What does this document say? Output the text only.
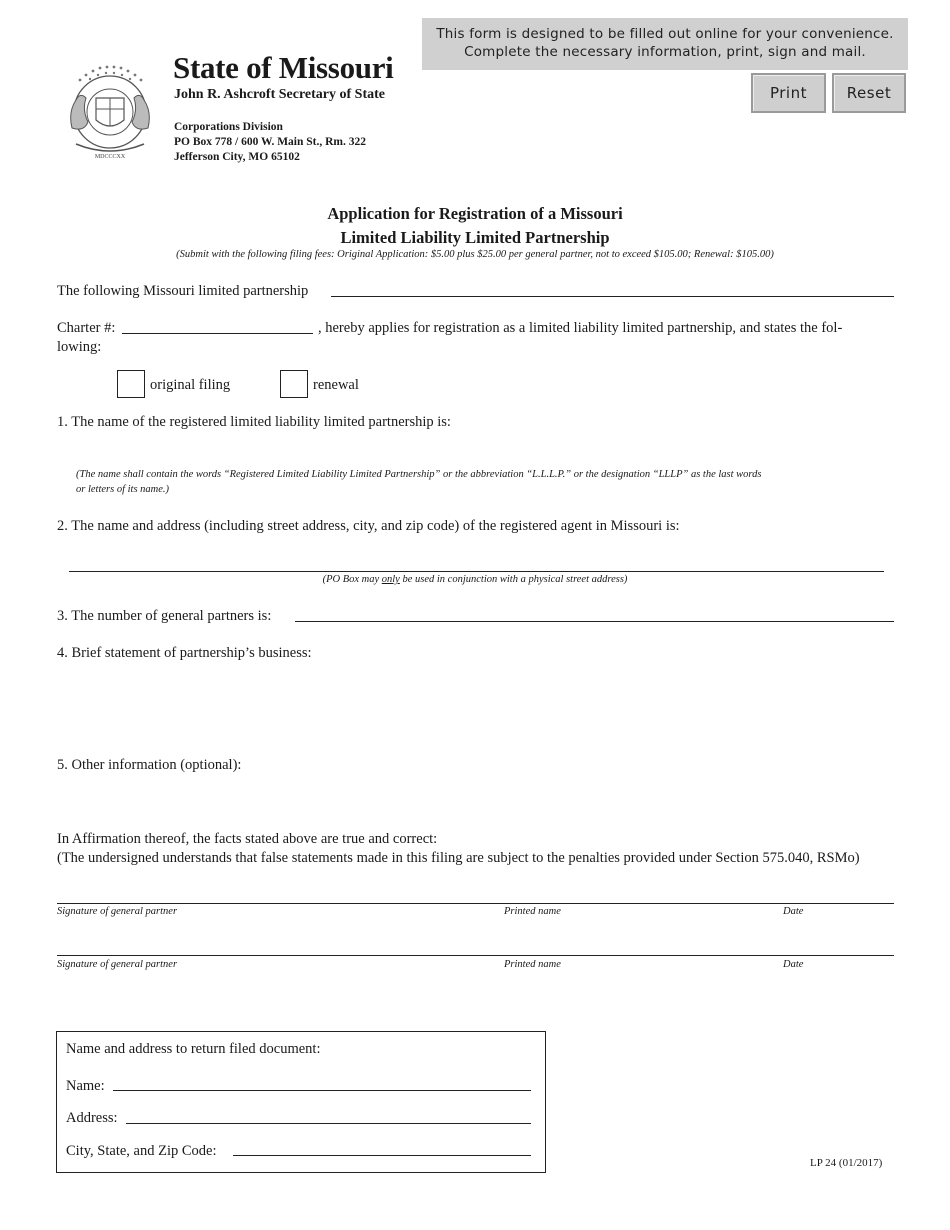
This form is designed to be filled out online for your convenience.
Complete the necessary information, print, sign and mail.
Print	Reset
MDCCCXX
State of Missouri
John R. Ashcroft Secretary of State
Corporations Division
PO Box 778 / 600 W. Main St., Rm. 322
Jefferson City, MO 65102
Application for Registration of a Missouri
Limited Liability Limited Partnership
(Submit with the following filing fees: Original Application: $5.00 plus $25.00 per general partner, not to exceed $105.00; Renewal: $105.00)
The following Missouri limited partnership
Charter #:	, hereby applies for registration as a limited liability limited partnership, and states the fol-
lowing:
original filing	renewal
1. The name of the registered limited liability limited partnership is:
(The name shall contain the words “Registered Limited Liability Limited Partnership” or the abbreviation “L.L.L.P.” or the designation “LLLP” as the last words
or letters of its name.)
2. The name and address (including street address, city, and zip code) of the registered agent in Missouri is:
(PO Box may only be used in conjunction with a physical street address)
3. The number of general partners is:
4. Brief statement of partnership’s business:
5. Other information (optional):
In Affirmation thereof, the facts stated above are true and correct:
(The undersigned understands that false statements made in this filing are subject to the penalties provided under Section 575.040, RSMo)
Signature of general partner	Printed name	Date
Signature of general partner	Printed name	Date
Name and address to return filed document:
Name:
Address:
City, State, and Zip Code:
LP 24 (01/2017)
